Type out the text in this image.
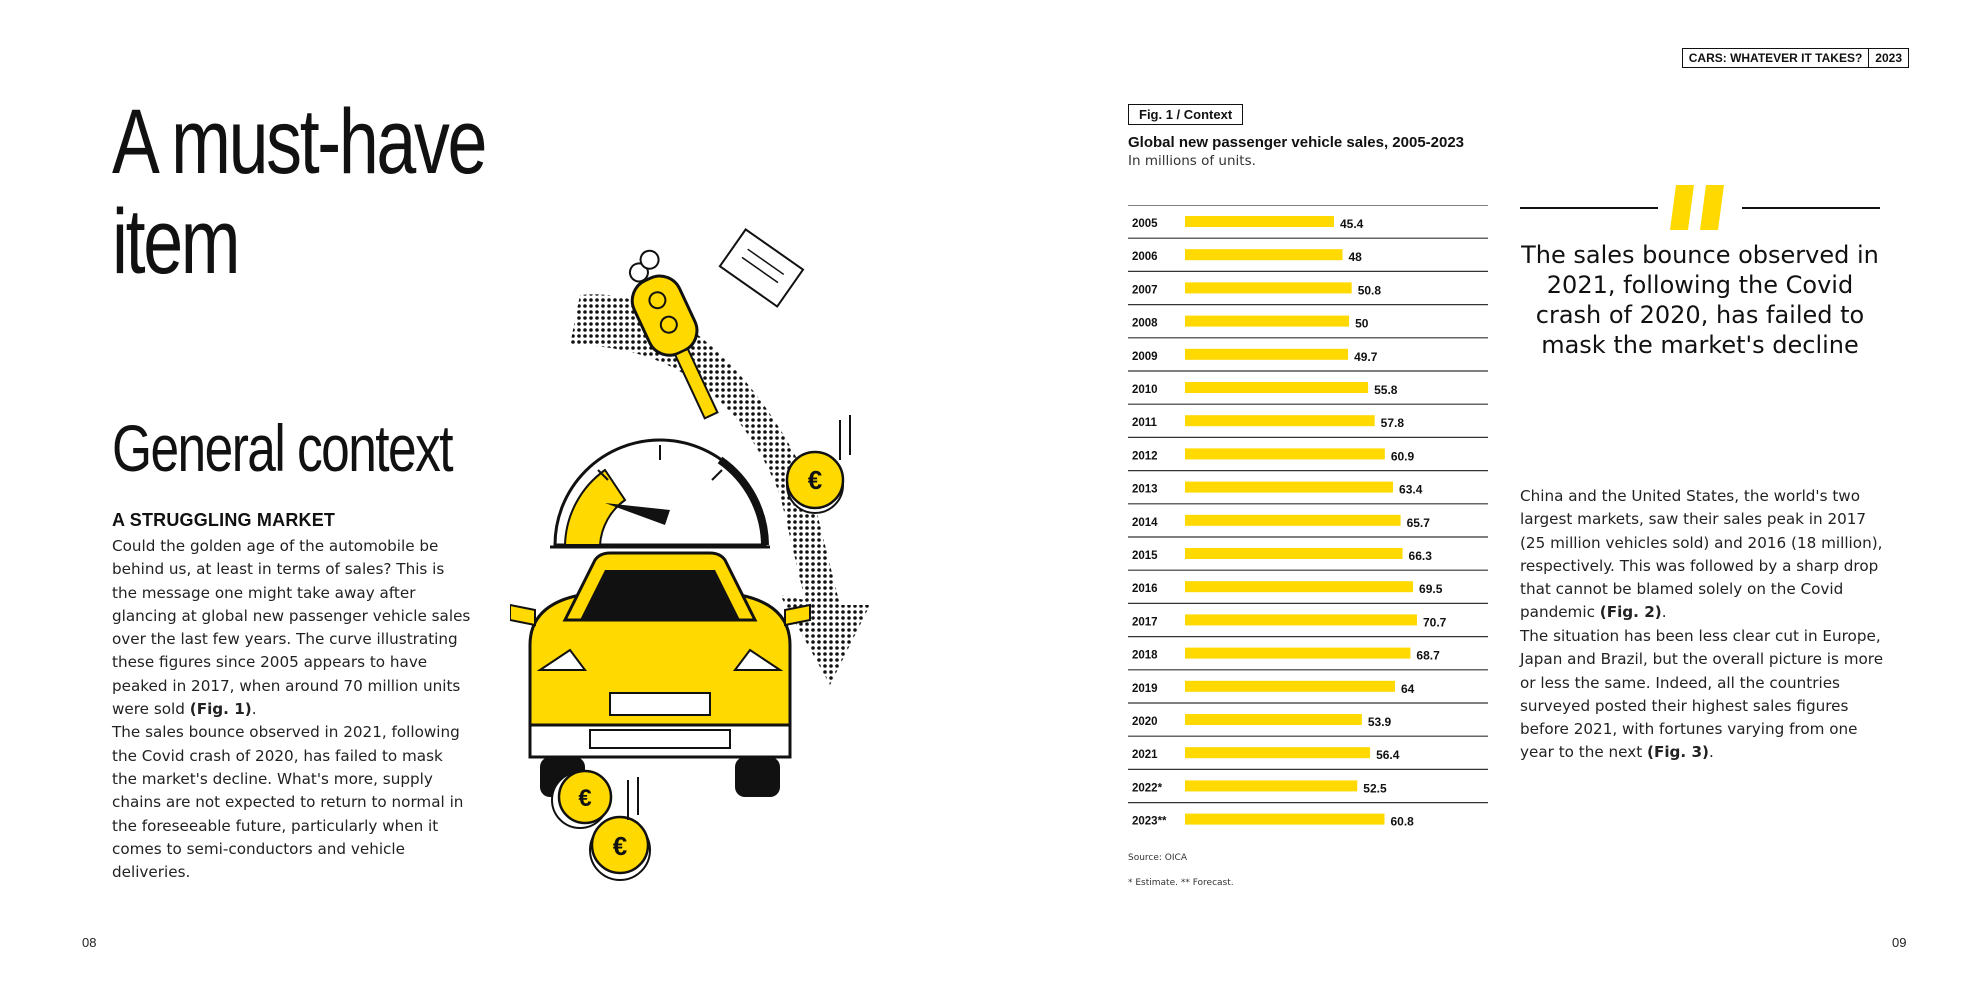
CARS: WHATEVER IT TAKES?	2023
A must-have
item
General context
A STRUGGLING MARKET
Could the golden age of the automobile be behind us, at least in terms of sales? This is the message one might take away after glancing at global new passenger vehicle sales over the last few years. The curve illustrating these figures since 2005 appears to have peaked in 2017, when around 70 million units were sold (Fig. 1).
The sales bounce observed in 2021, following the Covid crash of 2020, has failed to mask the market's decline. What's more, supply chains are not expected to return to normal in the foreseeable future, particularly when it comes to semi-conductors and vehicle deliveries.
08
€
€
€
Fig. 1 / Context
Global new passenger vehicle sales, 2005-2023
In millions of units.
2005	45.4
2006	48
2007	50.8
2008	50
2009	49.7
2010	55.8
2011	57.8
2012	60.9
2013	63.4
2014	65.7
2015	66.3
2016	69.5
2017	70.7
2018	68.7
2019	64
2020	53.9
2021	56.4
2022*	52.5
2023**	60.8
Source: OICA
* Estimate. ** Forecast.
The sales bounce observed in 2021, following the Covid crash of 2020, has failed to mask the market's decline
China and the United States, the world's two largest markets, saw their sales peak in 2017 (25 million vehicles sold) and 2016 (18 million), respectively. This was followed by a sharp drop that cannot be blamed solely on the Covid pandemic (Fig. 2).
The situation has been less clear cut in Europe, Japan and Brazil, but the overall picture is more or less the same. Indeed, all the countries surveyed posted their highest sales figures before 2021, with fortunes varying from one year to the next (Fig. 3).
09
